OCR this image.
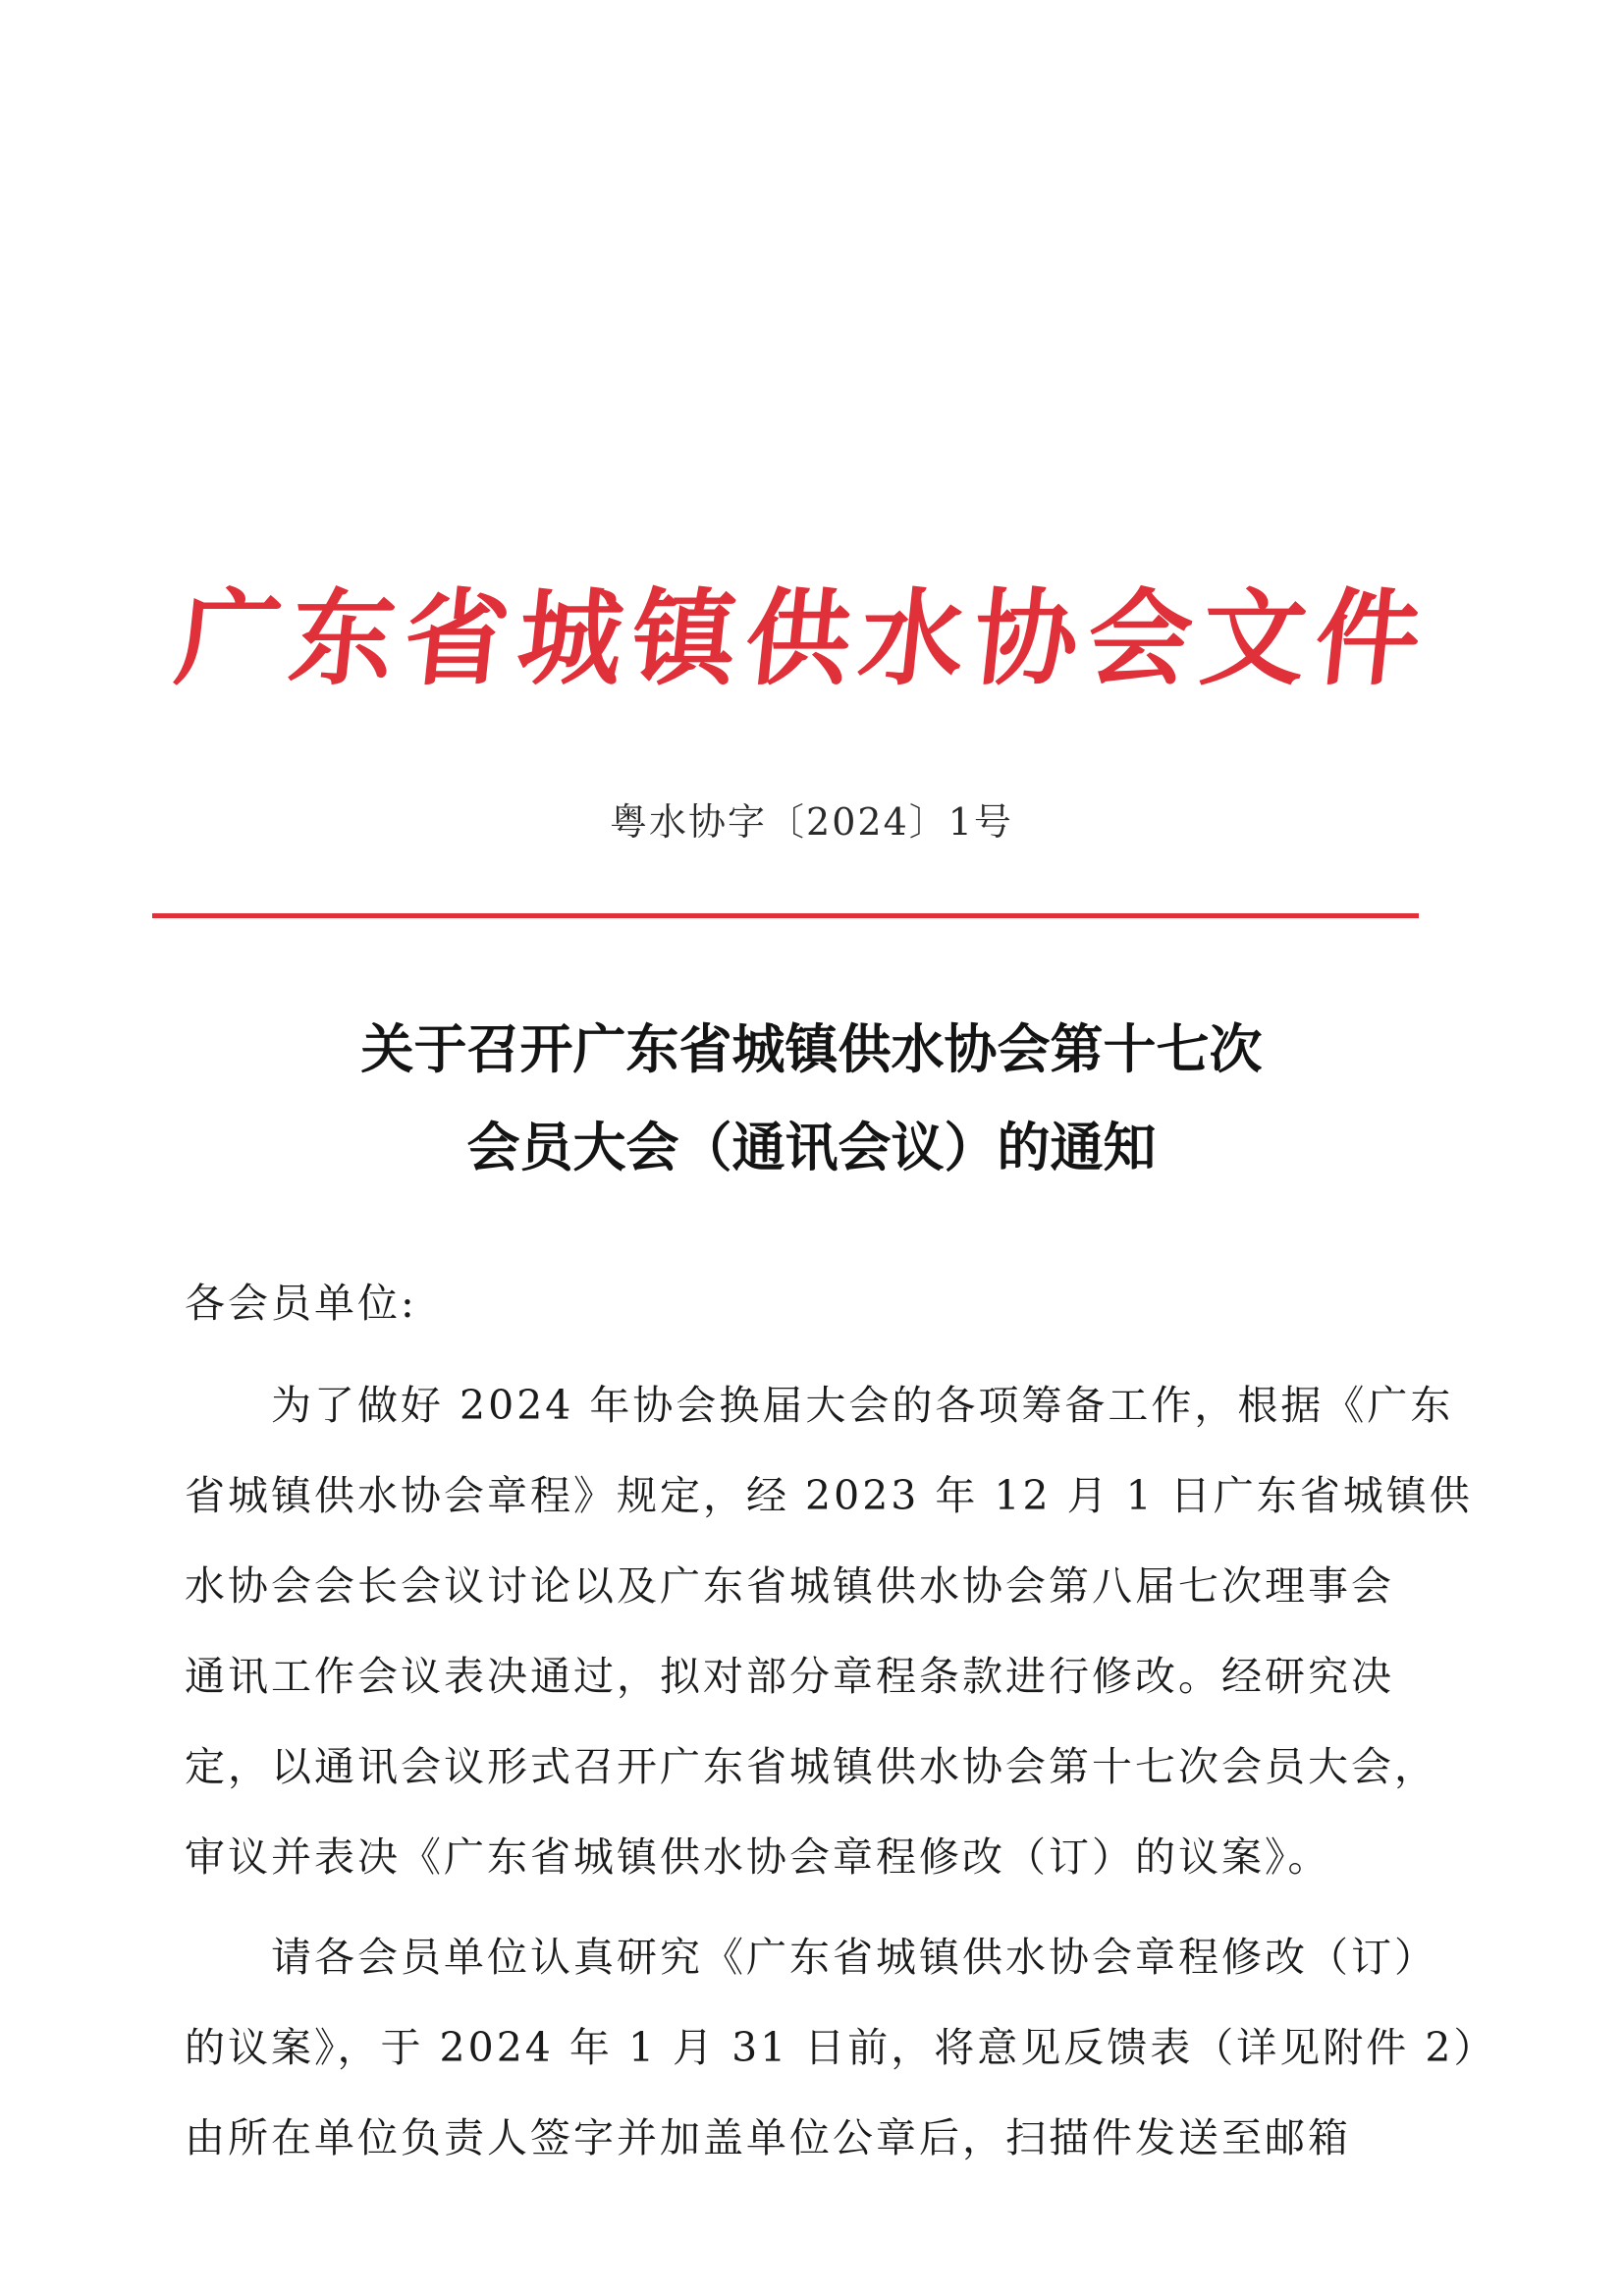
广东省城镇供水协会文件
粤水协字〔2024〕1号
关于召开广东省城镇供水协会第十七次
会员大会（通讯会议）的通知
各会员单位:
为了做好 2024 年协会换届大会的各项筹备工作，根据《广东
省城镇供水协会章程》规定，经 2023 年 12 月 1 日广东省城镇供
水协会会长会议讨论以及广东省城镇供水协会第八届七次理事会
通讯工作会议表决通过，拟对部分章程条款进行修改。经研究决
定，以通讯会议形式召开广东省城镇供水协会第十七次会员大会，
审议并表决《广东省城镇供水协会章程修改（订）的议案》。
请各会员单位认真研究《广东省城镇供水协会章程修改（订）
的议案》，于 2024 年 1 月 31 日前，将意见反馈表（详见附件 2）
由所在单位负责人签字并加盖单位公章后，扫描件发送至邮箱
